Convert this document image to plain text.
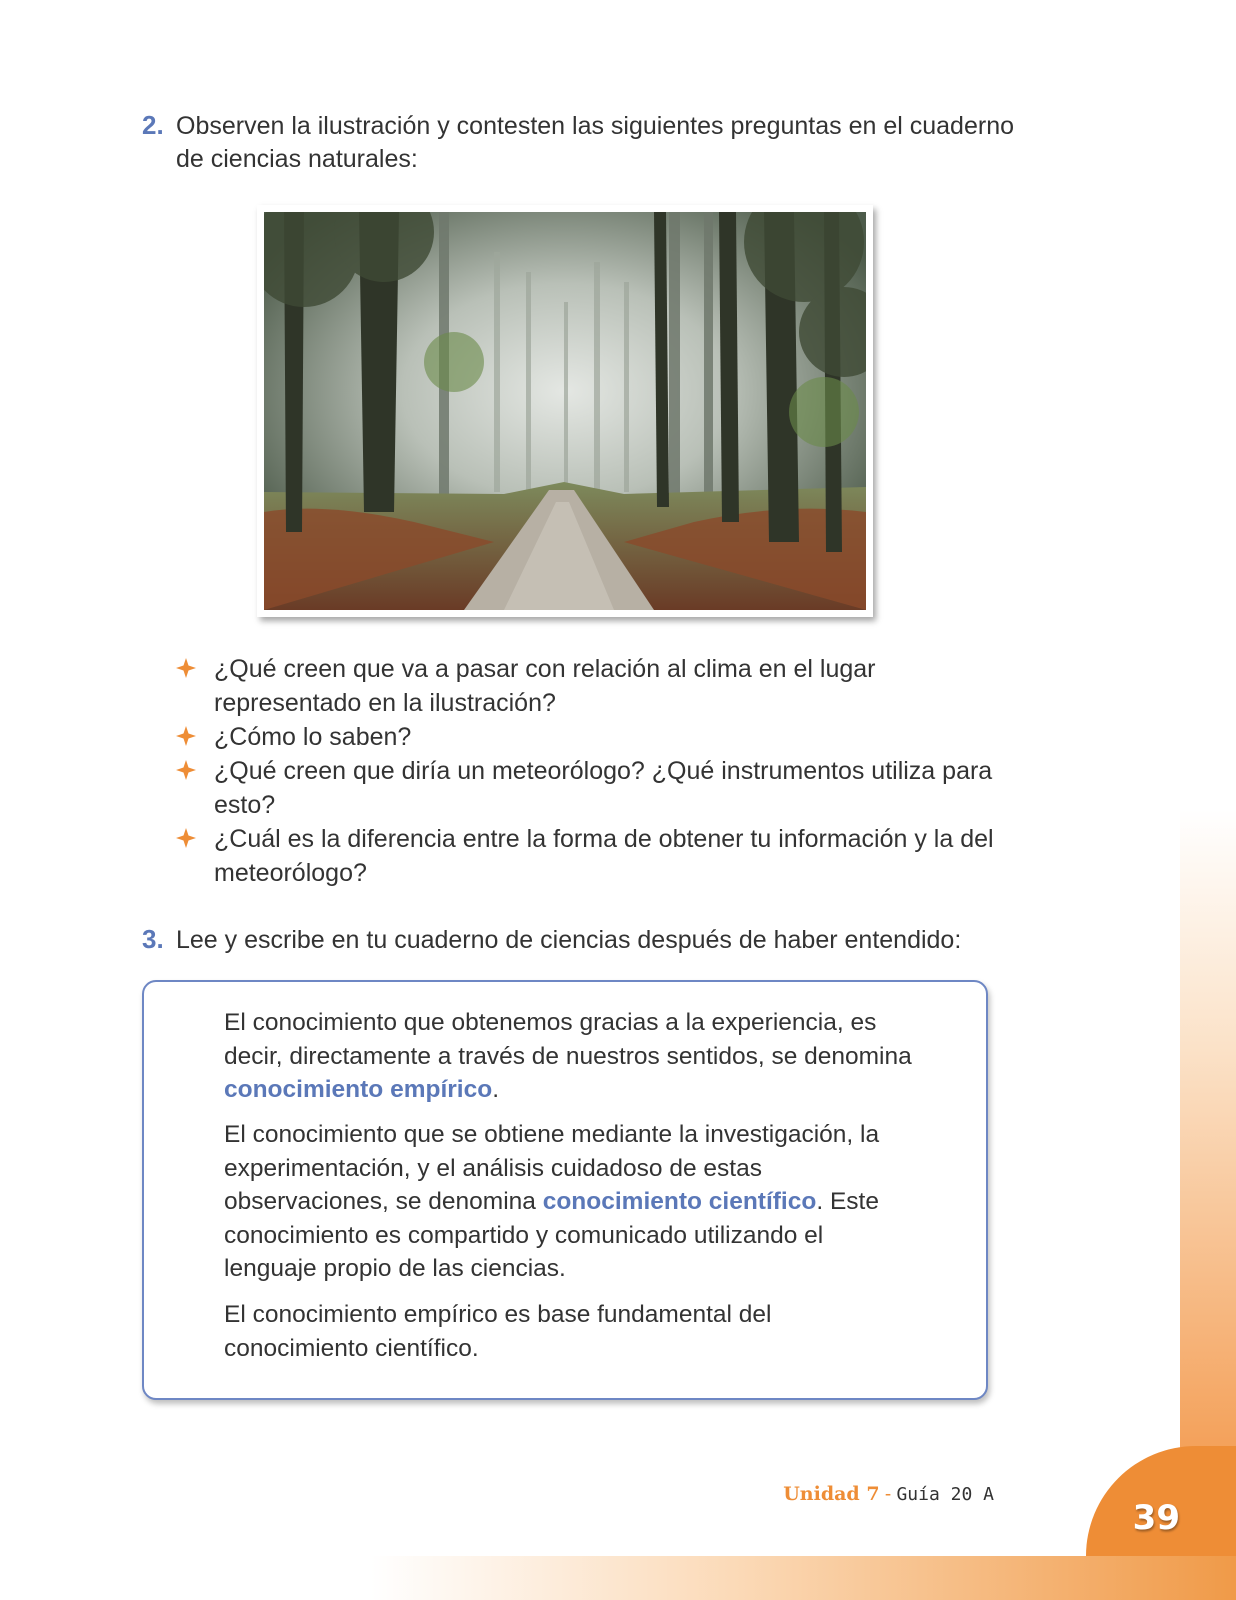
39
Unidad 7 - Guía 20 A
2. Observen la ilustración y contesten las siguientes preguntas en el cuaderno
de ciencias naturales:
¿Qué creen que va a pasar con relación al clima en el lugar representado en la ilustración?
¿Cómo lo saben?
¿Qué creen que diría un meteorólogo? ¿Qué instrumentos utiliza para esto?
¿Cuál es la diferencia entre la forma de obtener tu información y la del meteorólogo?
3. Lee y escribe en tu cuaderno de ciencias después de haber entendido:

El conocimiento que obtenemos gracias a la experiencia, es decir, directamente a través de nuestros sentidos, se denomina conocimiento empírico.

El conocimiento que se obtiene mediante la investigación, la experimentación, y el análisis cuidadoso de estas observaciones, se denomina conocimiento científico. Este conocimiento es compartido y comunicado utilizando el lenguaje propio de las ciencias.

El conocimiento empírico es base fundamental del conocimiento científico.
